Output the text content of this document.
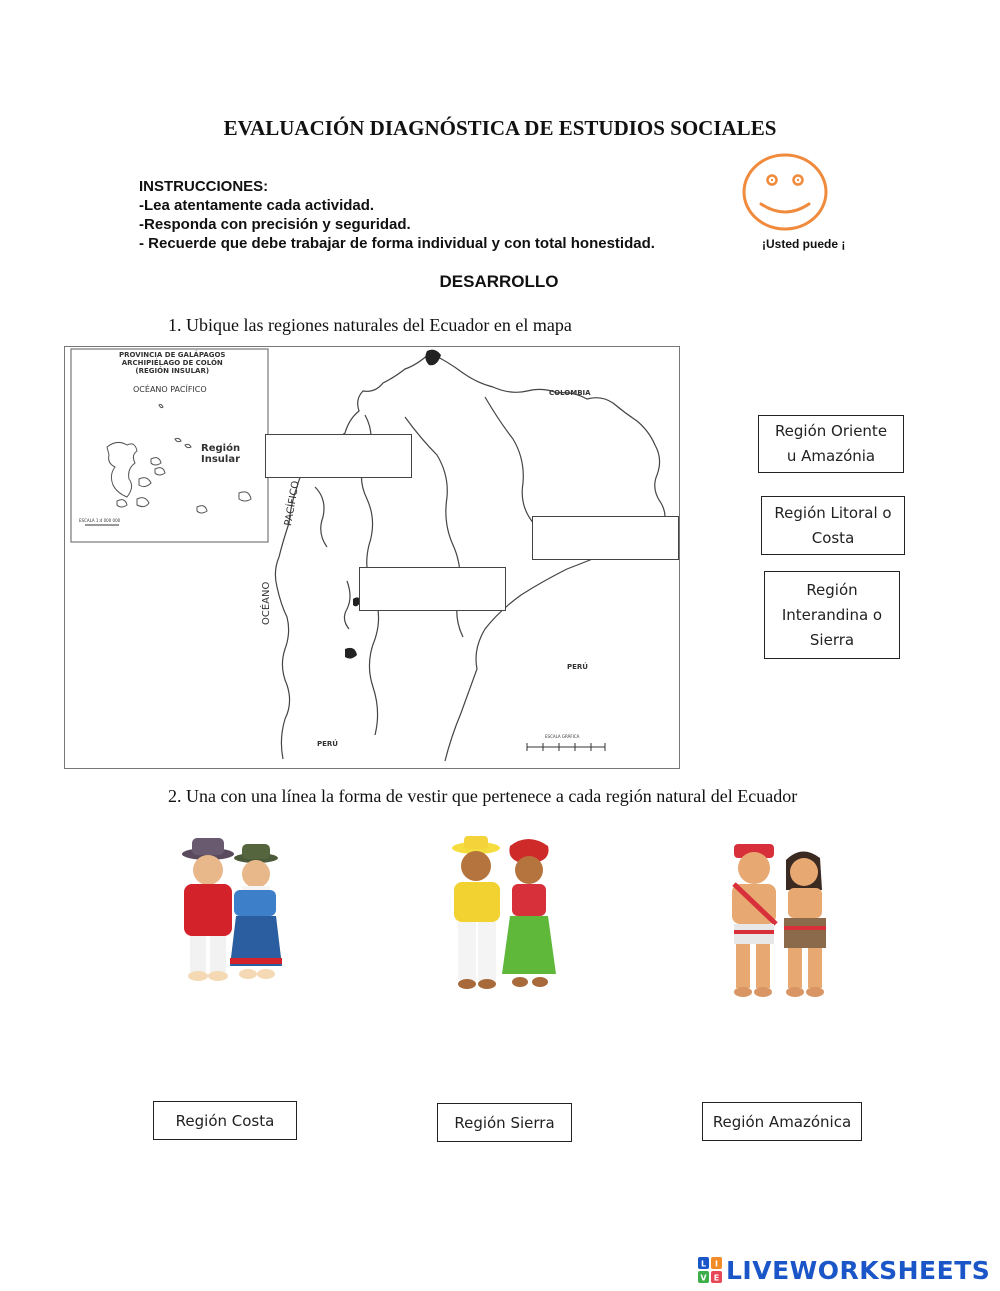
EVALUACIÓN DIAGNÓSTICA DE ESTUDIOS SOCIALES
INSTRUCCIONES:
-Lea atentamente cada actividad.
-Responda con precisión y seguridad.
- Recuerde que debe trabajar de forma individual y con total honestidad.	¡Usted puede ¡
DESARROLLO
1. Ubique las regiones naturales del Ecuador en el mapa
PROVINCIA DE GALÁPAGOS
ARCHIPIÉLAGO DE COLÓN
(REGIÓN INSULAR)
OCÉANO PACÍFICO
Región
Insular
ESCALA 1:4 000 000
COLOMBIA
PERÚ
PERÚ
OCÉANO
PACÍFICO
ESCALA GRÁFICA
Región Oriente
u Amazónia
Región Litoral o
Costa
Región
Interandina o
Sierra
2. Una con una línea la forma de vestir que pertenece a cada región natural del Ecuador
Región Costa	Región Sierra	Región Amazónica
L I
V E LIVEWORKSHEETS
